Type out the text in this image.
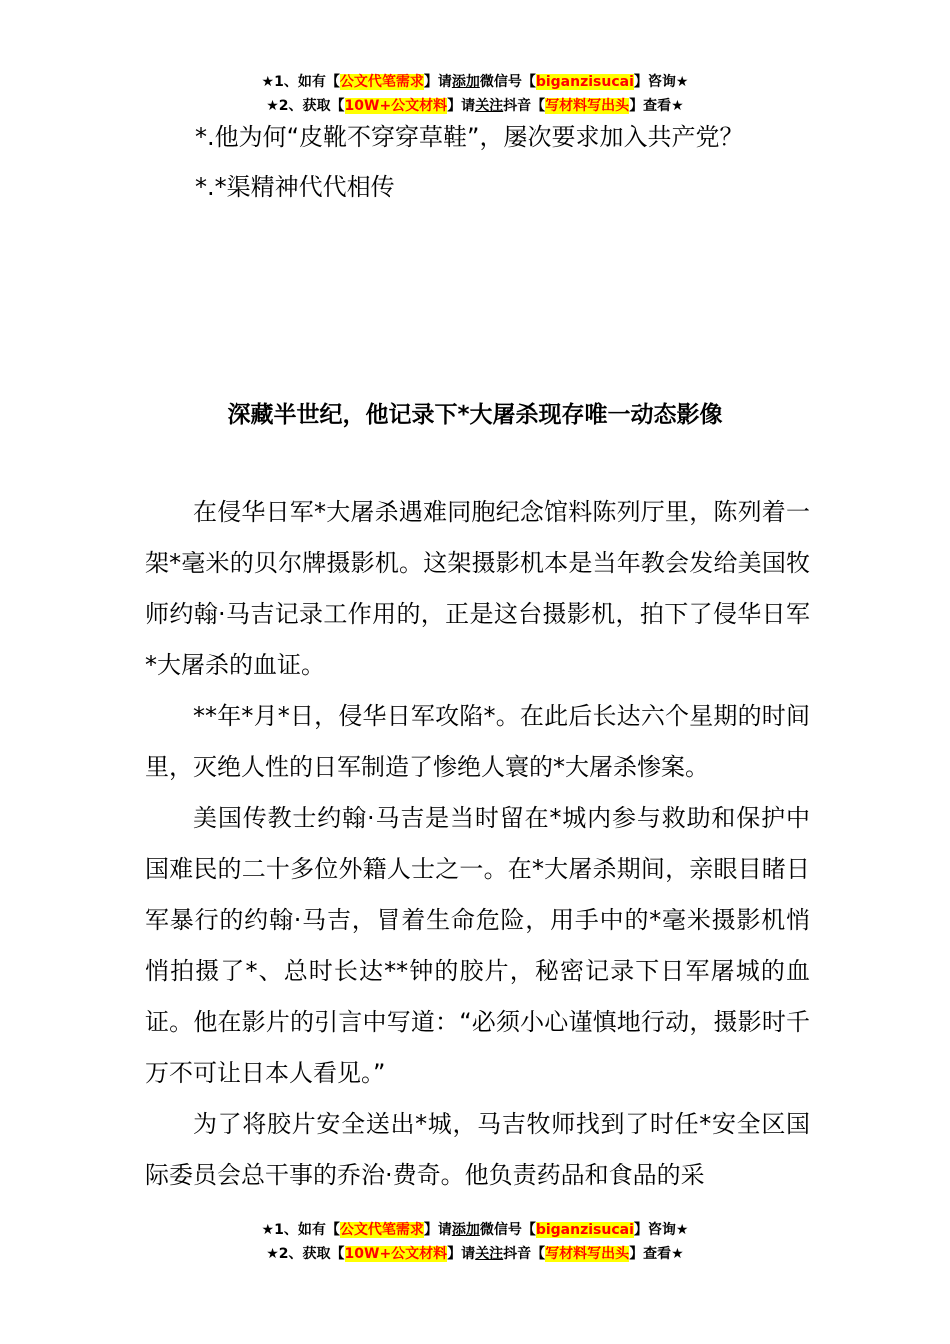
★1、如有【公文代笔需求】请添加微信号【biganzisucai】咨询★
★2、获取【10W+公文材料】请关注抖音【写材料写出头】查看★
*.他为何“皮靴不穿穿草鞋”，屡次要求加入共产党？
*.*渠精神代代相传
深藏半世纪，他记录下*大屠杀现存唯一动态影像

在侵华日军*大屠杀遇难同胞纪念馆料陈列厅里，陈列着一架*毫米的贝尔牌摄影机。这架摄影机本是当年教会发给美国牧师约翰·马吉记录工作用的，正是这台摄影机，拍下了侵华日军*大屠杀的血证。

**年*月*日，侵华日军攻陷*。在此后长达六个星期的时间里，灭绝人性的日军制造了惨绝人寰的*大屠杀惨案。

美国传教士约翰·马吉是当时留在*城内参与救助和保护中国难民的二十多位外籍人士之一。在*大屠杀期间，亲眼目睹日军暴行的约翰·马吉，冒着生命危险，用手中的*毫米摄影机悄悄拍摄了*、总时长达**钟的胶片，秘密记录下日军屠城的血证。他在影片的引言中写道：“必须小心谨慎地行动，摄影时千万不可让日本人看见。”

为了将胶片安全送出*城，马吉牧师找到了时任*安全区国际委员会总干事的乔治·费奇。他负责药品和食品的采

★1、如有【公文代笔需求】请添加微信号【biganzisucai】咨询★
★2、获取【10W+公文材料】请关注抖音【写材料写出头】查看★
